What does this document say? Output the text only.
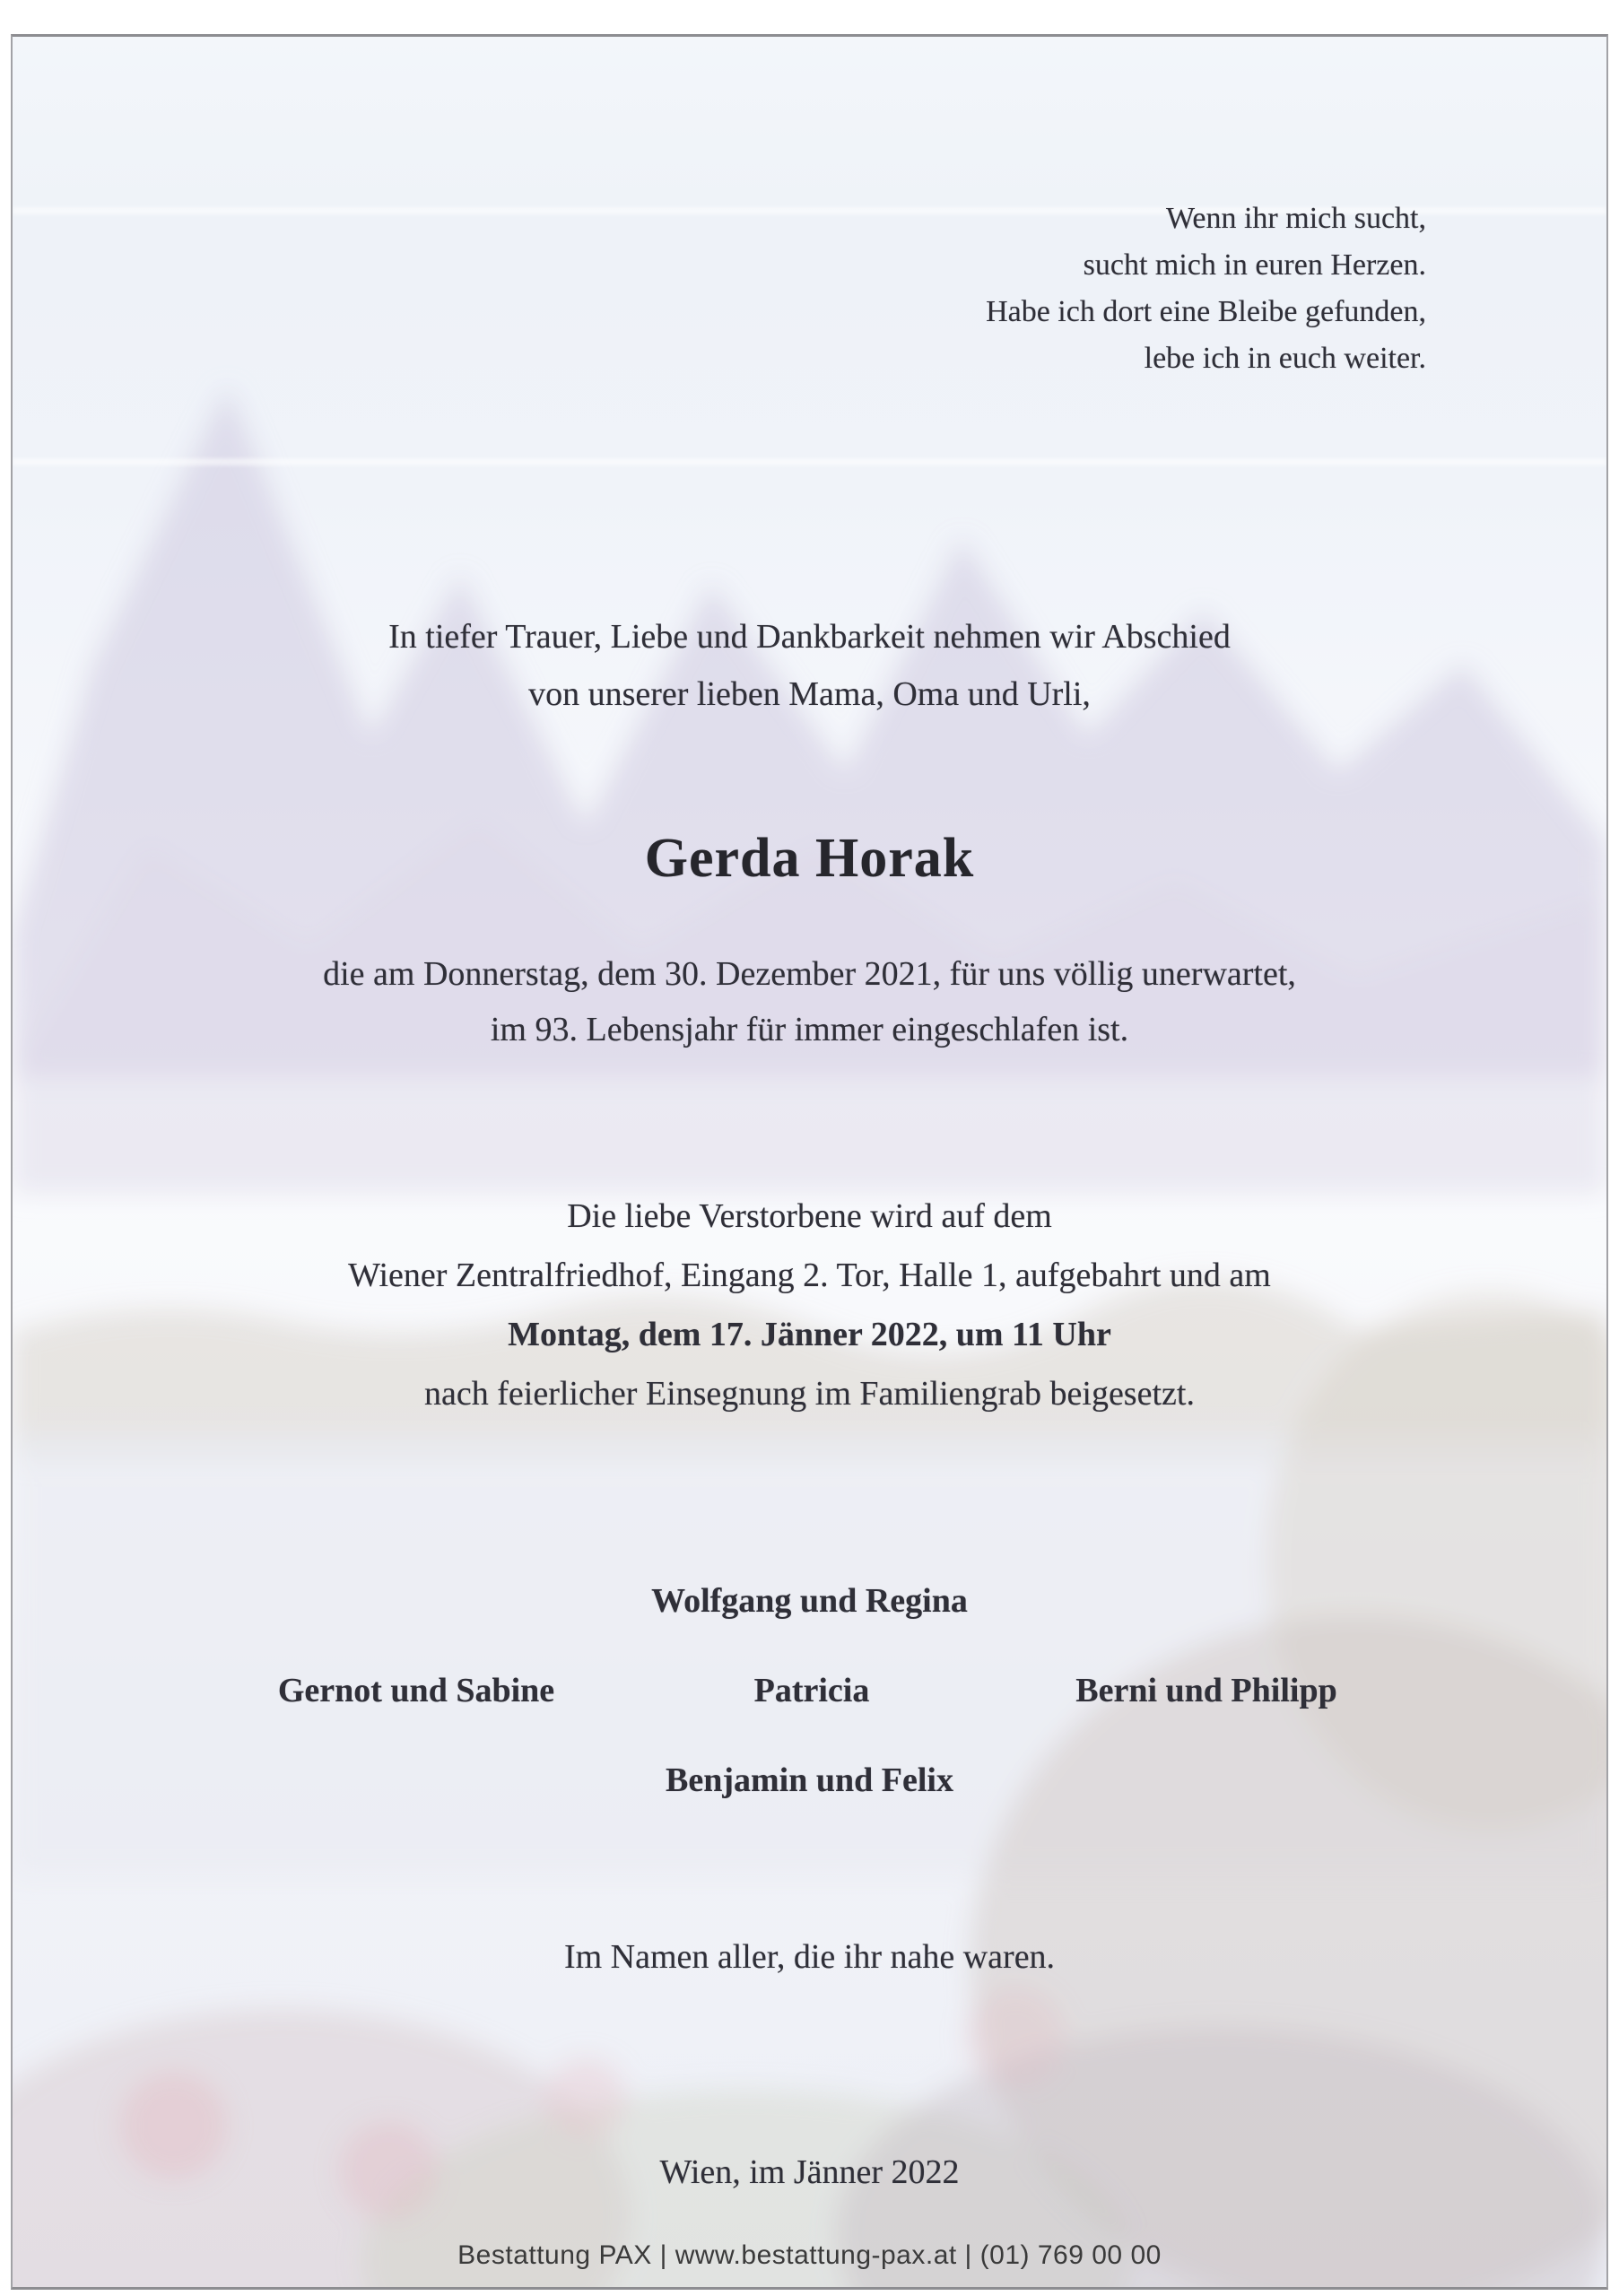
Wenn ihr mich sucht,
sucht mich in euren Herzen.
Habe ich dort eine Bleibe gefunden,
lebe ich in euch weiter.
In tiefer Trauer, Liebe und Dankbarkeit nehmen wir Abschied
von unserer lieben Mama, Oma und Urli,
Gerda Horak
die am Donnerstag, dem 30. Dezember 2021, für uns völlig unerwartet,
im 93. Lebensjahr für immer eingeschlafen ist.
Die liebe Verstorbene wird auf dem
Wiener Zentralfriedhof, Eingang 2. Tor, Halle 1, aufgebahrt und am
Montag, dem 17. Jänner 2022, um 11 Uhr
nach feierlicher Einsegnung im Familiengrab beigesetzt.
Wolfgang und Regina
Gernot und Sabine	Patricia	Berni und Philipp
Benjamin und Felix
Im Namen aller, die ihr nahe waren.
Wien, im Jänner 2022
Bestattung PAX | www.bestattung-pax.at | (01) 769 00 00
